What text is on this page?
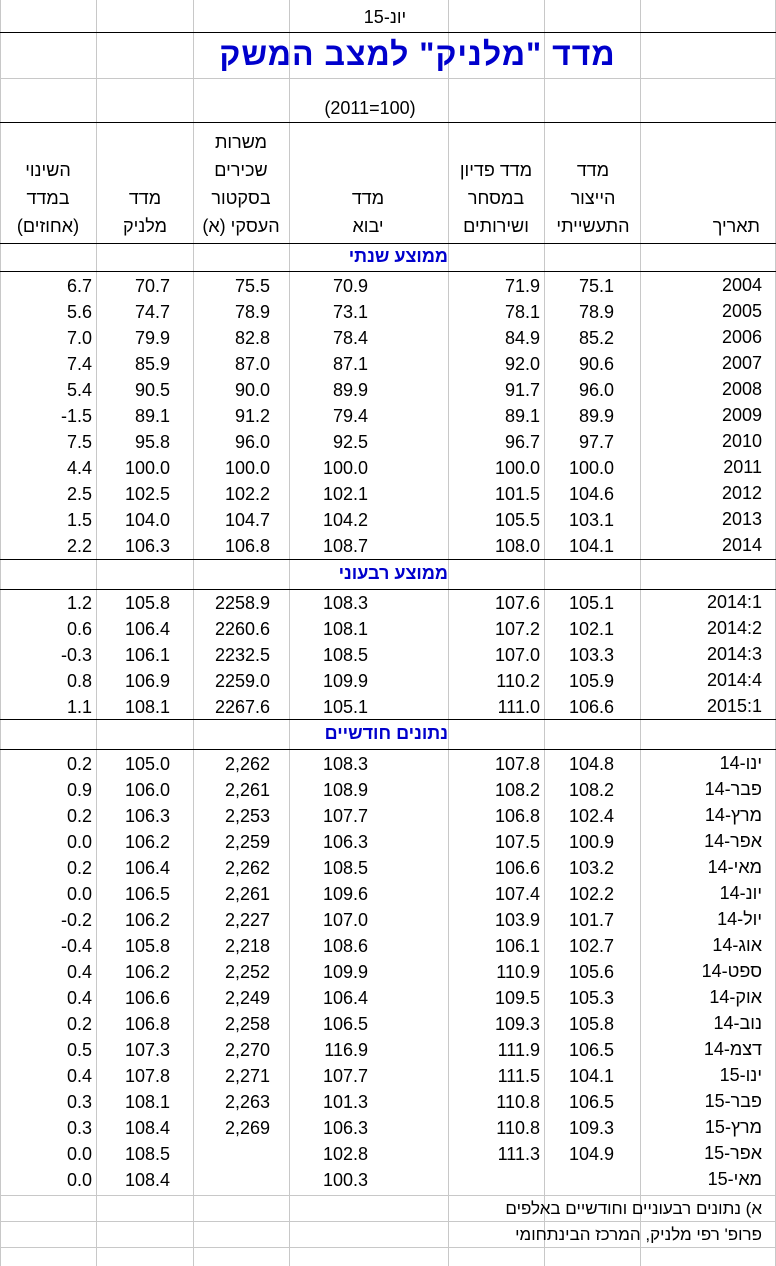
יונ-15
מדד "מלניק" למצב המשק
(2011=100)
תאריך
מדד
הייצור
התעשייתי
מדד פדיון
במסחר
ושירותים
מדד
יבוא
משרות
שכירים
בסקטור
העסקי (א)
מדד
מלניק
השינוי
במדד
(אחוזים)
ממוצע שנתי
2004
75.1
71.9
70.9
75.5
70.7
6.7
2005
78.9
78.1
73.1
78.9
74.7
5.6
2006
85.2
84.9
78.4
82.8
79.9
7.0
2007
90.6
92.0
87.1
87.0
85.9
7.4
2008
96.0
91.7
89.9
90.0
90.5
5.4
2009
89.9
89.1
79.4
91.2
89.1
-1.5
2010
97.7
96.7
92.5
96.0
95.8
7.5
2011
100.0
100.0
100.0
100.0
100.0
4.4
2012
104.6
101.5
102.1
102.2
102.5
2.5
2013
103.1
105.5
104.2
104.7
104.0
1.5
2014
104.1
108.0
108.7
106.8
106.3
2.2
ממוצע רבעוני
2014:1
105.1
107.6
108.3
2258.9
105.8
1.2
2014:2
102.1
107.2
108.1
2260.6
106.4
0.6
2014:3
103.3
107.0
108.5
2232.5
106.1
-0.3
2014:4
105.9
110.2
109.9
2259.0
106.9
0.8
2015:1
106.6
111.0
105.1
2267.6
108.1
1.1
נתונים חודשיים
ינו-14
104.8
107.8
108.3
2,262
105.0
0.2
פבר-14
108.2
108.2
108.9
2,261
106.0
0.9
מרץ-14
102.4
106.8
107.7
2,253
106.3
0.2
אפר-14
100.9
107.5
106.3
2,259
106.2
0.0
מאי-14
103.2
106.6
108.5
2,262
106.4
0.2
יונ-14
102.2
107.4
109.6
2,261
106.5
0.0
יול-14
101.7
103.9
107.0
2,227
106.2
-0.2
אוג-14
102.7
106.1
108.6
2,218
105.8
-0.4
ספט-14
105.6
110.9
109.9
2,252
106.2
0.4
אוק-14
105.3
109.5
106.4
2,249
106.6
0.4
נוב-14
105.8
109.3
106.5
2,258
106.8
0.2
דצמ-14
106.5
111.9
116.9
2,270
107.3
0.5
ינו-15
104.1
111.5
107.7
2,271
107.8
0.4
פבר-15
106.5
110.8
101.3
2,263
108.1
0.3
מרץ-15
109.3
110.8
106.3
2,269
108.4
0.3
אפר-15
104.9
111.3
102.8
108.5
0.0
מאי-15
100.3
108.4
0.0
א) נתונים רבעוניים וחודשיים באלפים
פרופ' רפי מלניק, המרכז הבינתחומי
